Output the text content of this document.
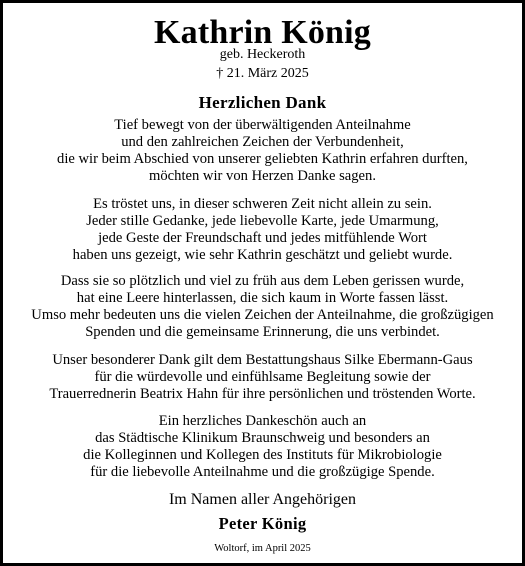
Kathrin König
geb. Heckeroth
† 21. März 2025
Herzlichen Dank
Tief bewegt von der überwältigenden Anteilnahme
und den zahlreichen Zeichen der Verbundenheit,
die wir beim Abschied von unserer geliebten Kathrin erfahren durften,
möchten wir von Herzen Danke sagen.
Es tröstet uns, in dieser schweren Zeit nicht allein zu sein.
Jeder stille Gedanke, jede liebevolle Karte, jede Umarmung,
jede Geste der Freundschaft und jedes mitfühlende Wort
haben uns gezeigt, wie sehr Kathrin geschätzt und geliebt wurde.
Dass sie so plötzlich und viel zu früh aus dem Leben gerissen wurde,
hat eine Leere hinterlassen, die sich kaum in Worte fassen lässt.
Umso mehr bedeuten uns die vielen Zeichen der Anteilnahme, die großzügigen
Spenden und die gemeinsame Erinnerung, die uns verbindet.
Unser besonderer Dank gilt dem Bestattungshaus Silke Ebermann-Gaus
für die würdevolle und einfühlsame Begleitung sowie der
Trauerrednerin Beatrix Hahn für ihre persönlichen und tröstenden Worte.
Ein herzliches Dankeschön auch an
das Städtische Klinikum Braunschweig und besonders an
die Kolleginnen und Kollegen des Instituts für Mikrobiologie
für die liebevolle Anteilnahme und die großzügige Spende.
Im Namen aller Angehörigen
Peter König
Woltorf, im April 2025
